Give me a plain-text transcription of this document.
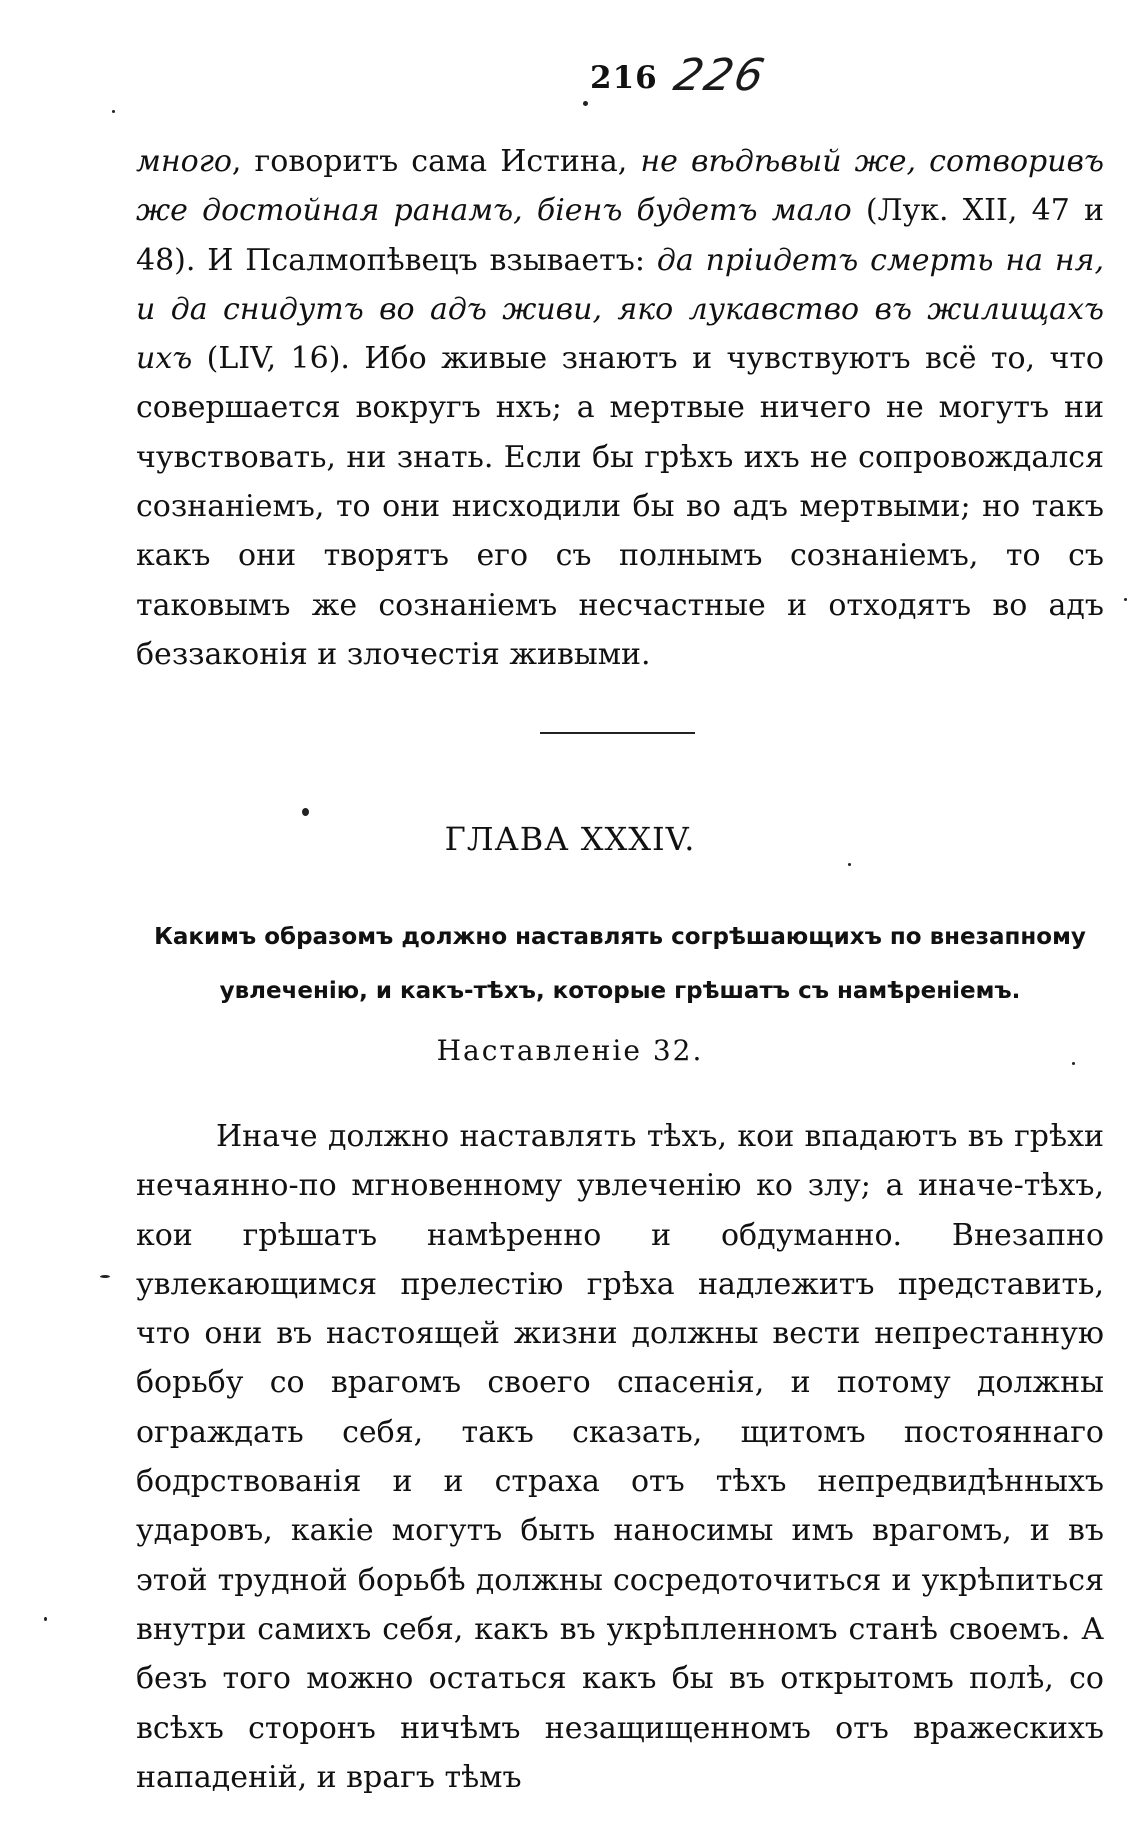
216 226

много, говоритъ сама Истина, не вѣдѣвый же, сотворивъ же достойная ранамъ, біенъ будетъ мало (Лук. XII, 47 и 48). И Псалмопѣвецъ взываетъ: да пріидетъ смерть на ня, и да снидутъ во адъ живи, яко лукавство въ жилищахъ ихъ (LIV, 16). Ибо живые знаютъ и чувствуютъ всё то, что совершается вокругъ нхъ; а мертвые ничего не могутъ ни чувствовать, ни знать. Если бы грѣхъ ихъ не сопровождался сознаніемъ, то они нисходили бы во адъ мертвыми; но такъ какъ они творятъ его съ полнымъ сознаніемъ, то съ таковымъ же сознаніемъ несчастные и отходятъ во адъ беззаконія и злочестія живыми.

ГЛАВА XXXIV.
Какимъ образомъ должно наставлять согрѣшающихъ по внезапному увлеченію, и какъ-тѣхъ, которые грѣшатъ съ намѣреніемъ.
Наставленіе 32.

Иначе должно наставлять тѣхъ, кои впадаютъ въ грѣхи нечаянно-по мгновенному увлеченію ко злу; а иначе-тѣхъ, кои грѣшатъ намѣренно и обдуманно. Внезапно увлекающимся прелестію грѣха надлежитъ представить, что они въ настоящей жизни должны вести непрестанную борьбу со врагомъ своего спасенія, и потому должны ограждать себя, такъ сказать, щитомъ постояннаго бодрствованія и и страха отъ тѣхъ непредвидѣнныхъ ударовъ, какіе могутъ быть наносимы имъ врагомъ, и въ этой трудной борьбѣ должны сосредоточиться и укрѣпиться внутри самихъ себя, какъ въ укрѣпленномъ станѣ своемъ. А безъ того можно остаться какъ бы въ открытомъ полѣ, со всѣхъ сторонъ ничѣмъ незащищенномъ отъ вражескихъ нападеній, и врагъ тѣмъ
